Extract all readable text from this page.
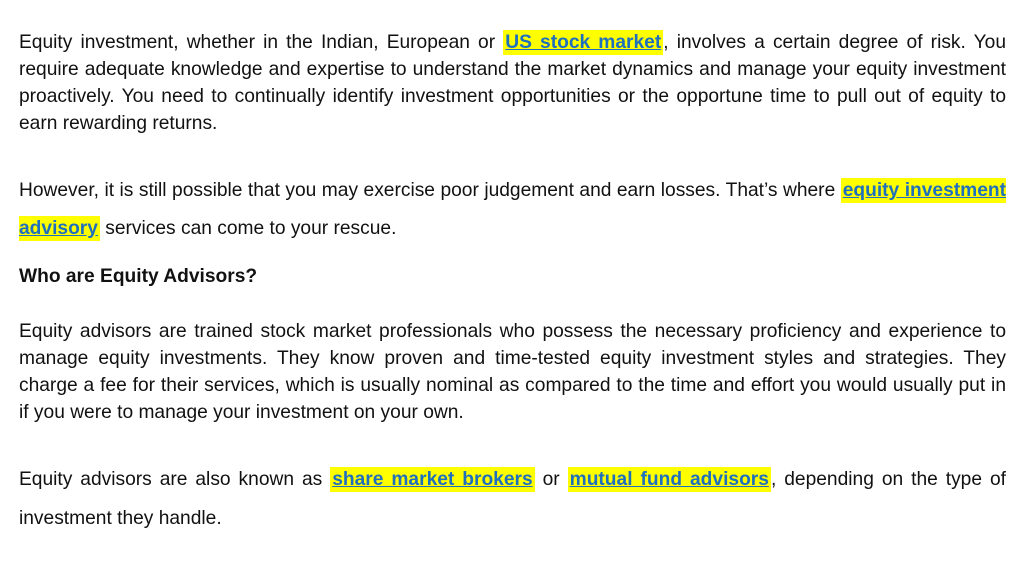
Equity investment, whether in the Indian, European or US stock market , involves a certain degree of risk. You require adequate knowledge and expertise to understand the market dynamics and manage your equity investment proactively. You need to continually identify investment opportunities or the opportune time to pull out of equity to earn rewarding returns.

However, it is still possible that you may exercise poor judgement and earn losses. That’s where equity investment advisory services can come to your rescue.

Who are Equity Advisors?

Equity advisors are trained stock market professionals who possess the necessary proficiency and experience to manage equity investments. They know proven and time-tested equity investment styles and strategies. They charge a fee for their services, which is usually nominal as compared to the time and effort you would usually put in if you were to manage your investment on your own.

Equity advisors are also known as share market brokers or mutual fund advisors , depending on the type of investment they handle.
